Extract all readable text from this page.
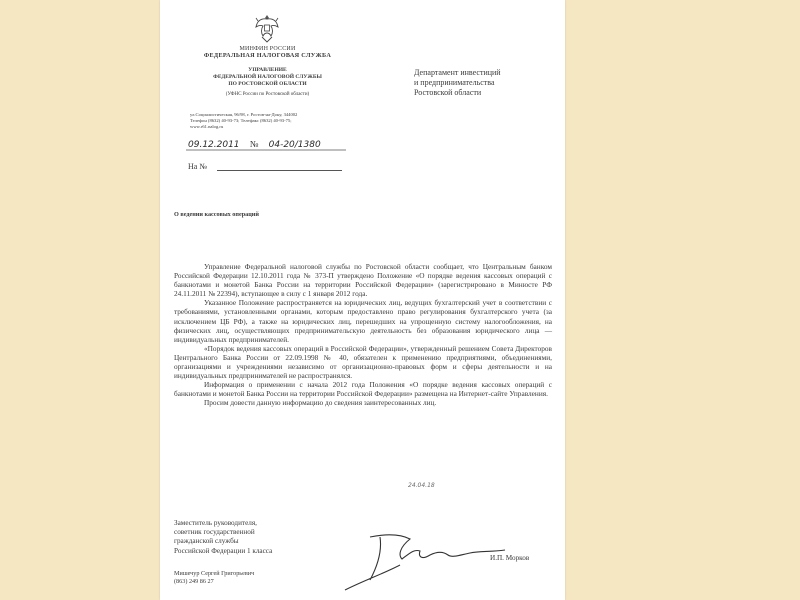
МИНФИН РОССИИ
ФЕДЕРАЛЬНАЯ НАЛОГОВАЯ СЛУЖБА
УПРАВЛЕНИЕ
ФЕДЕРАЛЬНОЙ НАЛОГОВОЙ СЛУЖБЫ
ПО РОСТОВСКОЙ ОБЛАСТИ
(УФНС России по Ростовской области)
ул.Социалистическая, 96/98, г. Ростов-на-Дону, 344002
Телефон (8632) 40-93-73; Телефакс (8632) 40-93-75;
www.r61.nalog.ru
Департамент инвестиций
и предпринимательства
Ростовской области
09.12.2011 № 04-20/1380
На №
О ведении кассовых операций

Управление Федеральной налоговой службы по Ростовской области сообщает, что Центральным банком Российской Федерации 12.10.2011 года № 373-П утверждено Положение «О порядке ведения кассовых операций с банкнотами и монетой Банка России на территории Российской Федерации» (зарегистрировано в Минюсте РФ 24.11.2011 № 22394), вступающее в силу с 1 января 2012 года.

Указанное Положение распространяется на юридических лиц, ведущих бухгалтерский учет в соответствии с требованиями, установленными органами, которым предоставлено право регулирования бухгалтерского учета (за исключением ЦБ РФ), а также на юридических лиц, перешедших на упрощенную систему налогообложения, на физических лиц, осуществляющих предпринимательскую деятельность без образования юридического лица — индивидуальных предпринимателей.

«Порядок ведения кассовых операций в Российской Федерации», утвержденный решением Совета Директоров Центрального Банка России от 22.09.1998 № 40, обязателен к применению предприятиями, объединениями, организациями и учреждениями независимо от организационно-правовых форм и сферы деятельности и на индивидуальных предпринимателей не распространялся.

Информация о применении с начала 2012 года Положения «О порядке ведения кассовых операций с банкнотами и монетой Банка России на территории Российской Федерации» размещена на Интернет-сайте Управления.

Просим довести данную информацию до сведения заинтересованных лиц.

24.04.18
Заместитель руководителя,
советник государственной
гражданской службы
Российской Федерации 1 класса
И.П. Морков
Мишечур Сергей Григорьевич
(863) 249 86 27
